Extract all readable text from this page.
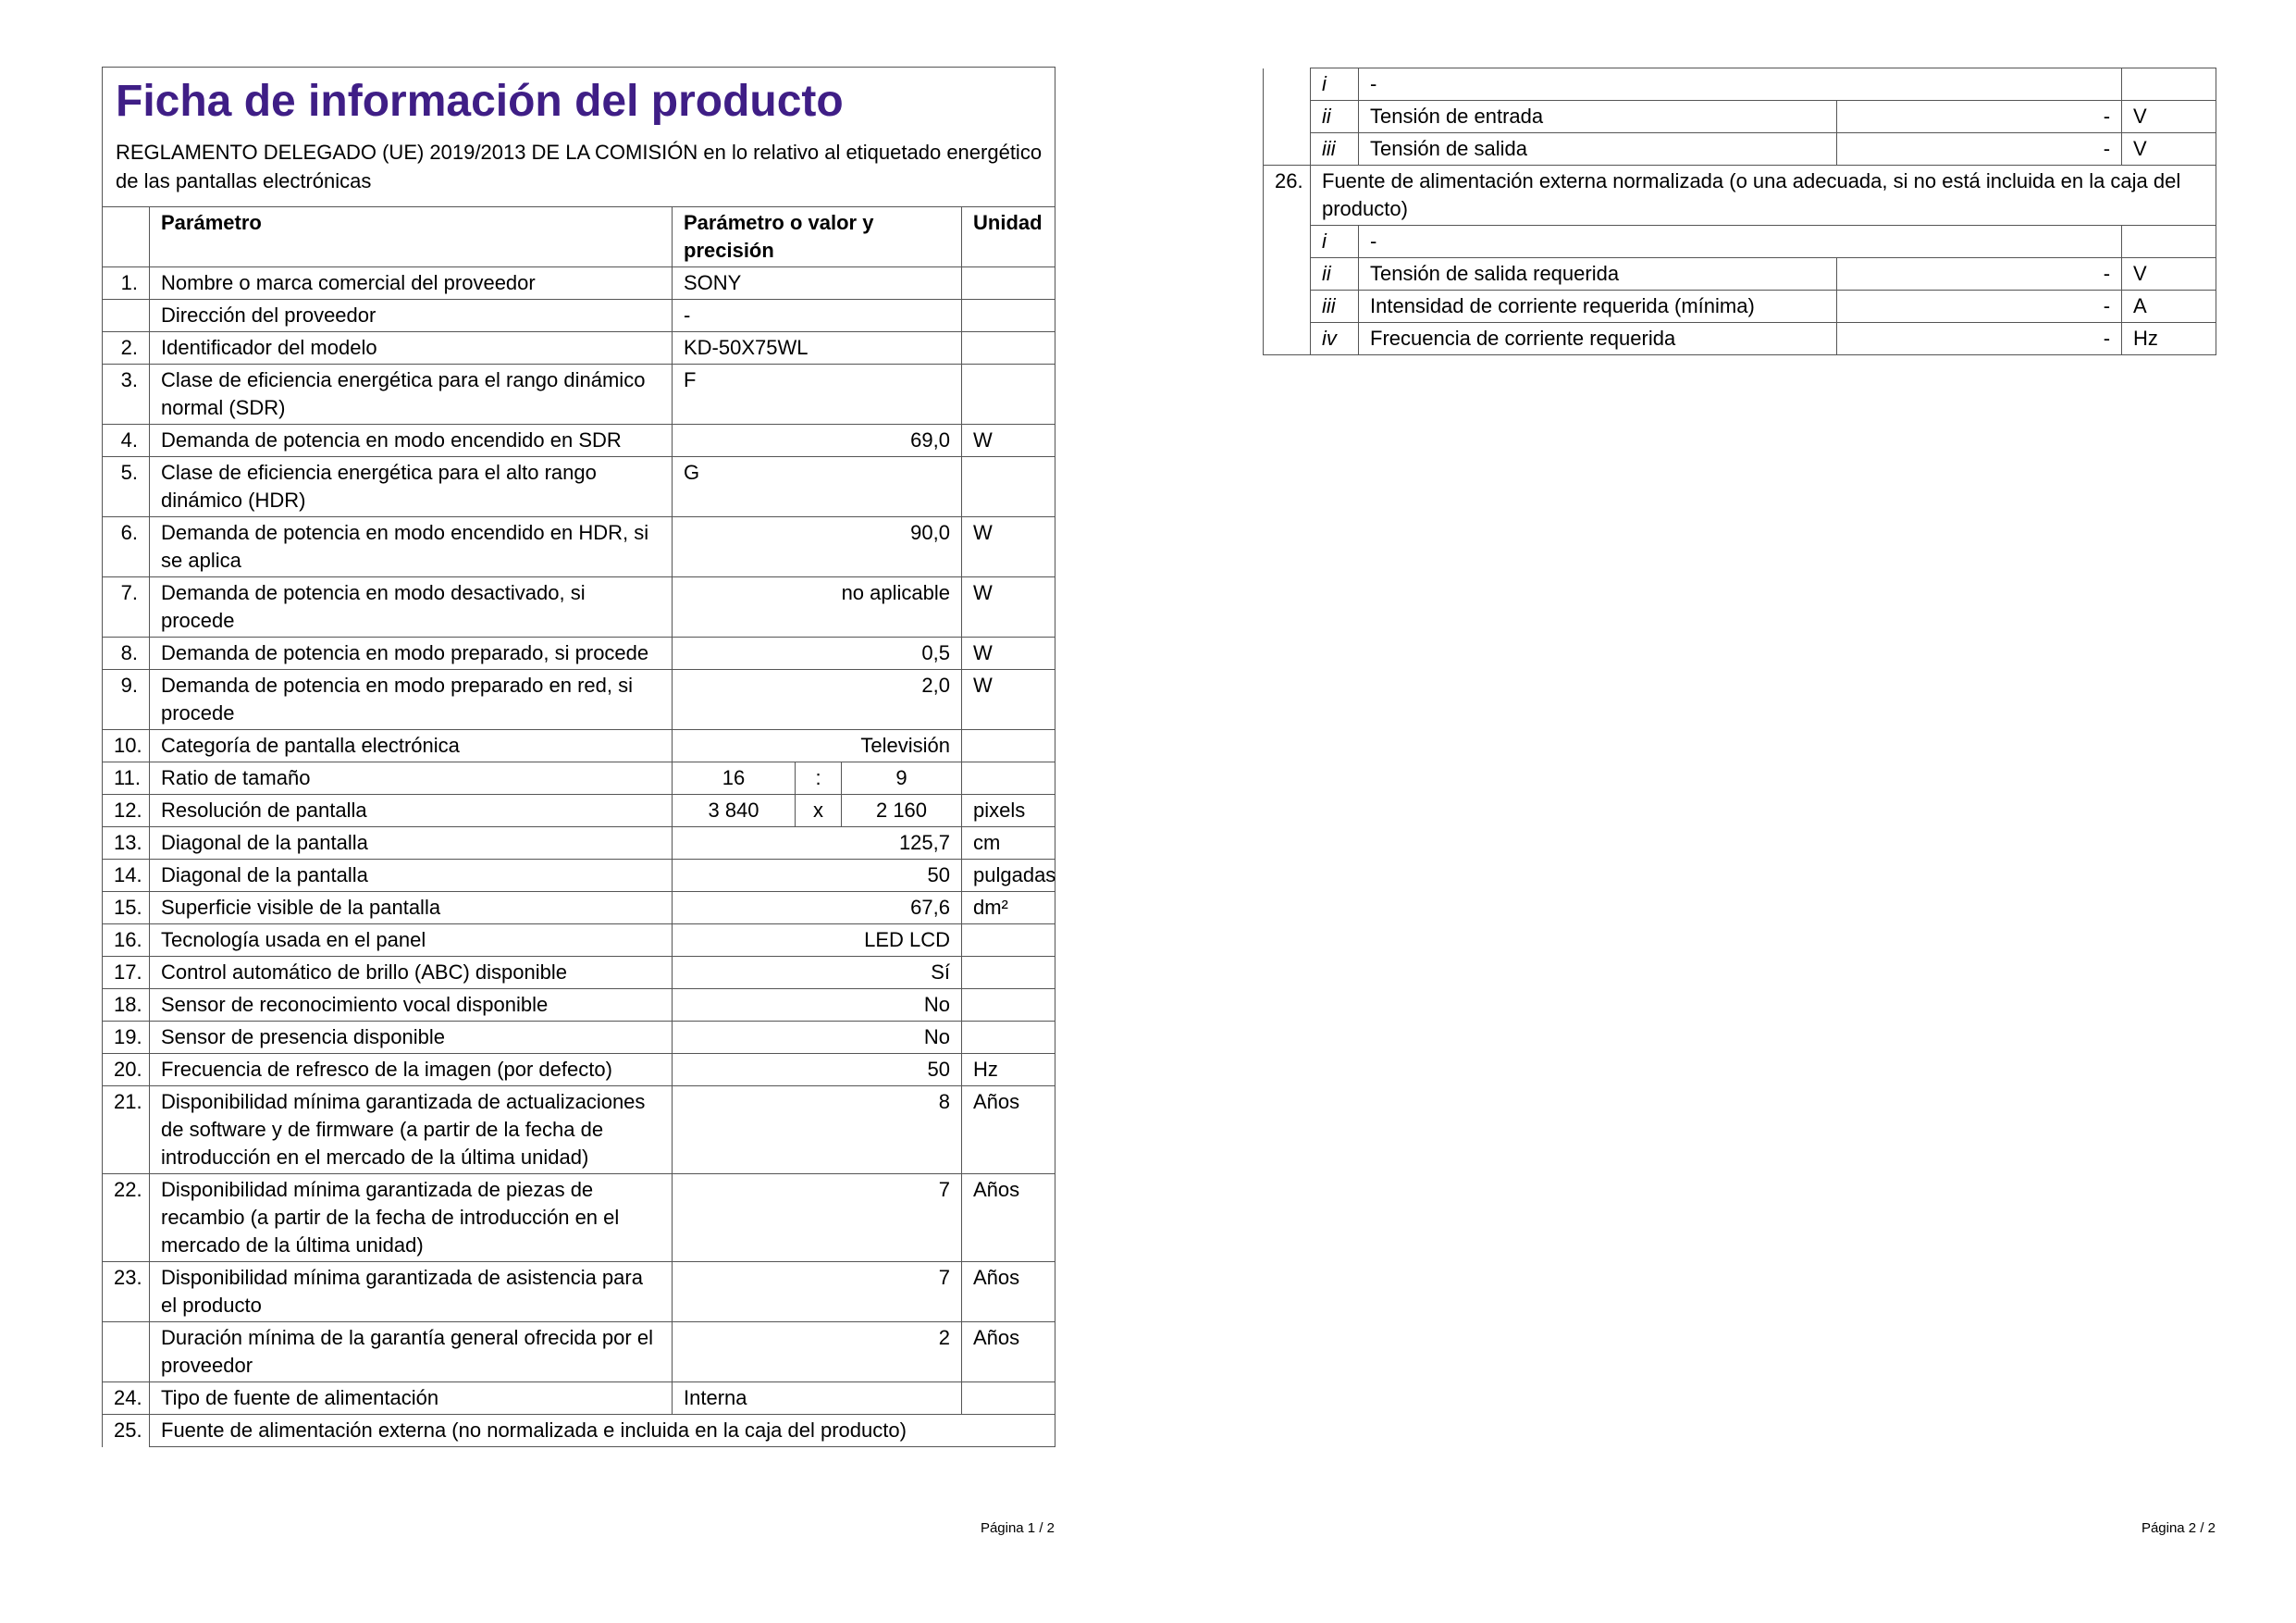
Ficha de información del producto
REGLAMENTO DELEGADO (UE) 2019/2013 DE LA COMISIÓN en lo relativo al etiquetado energético de las pantallas electrónicas					

	Parámetro	Parámetro o valor y precisión			Unidad
1.	Nombre o marca comercial del proveedor	SONY			
	Dirección del proveedor	-			
2.	Identificador del modelo	KD-50X75WL			
3.	Clase de eficiencia energética para el rango dinámico normal (SDR)	F			
4.	Demanda de potencia en modo encendido en SDR	69,0			W
5.	Clase de eficiencia energética para el alto rango dinámico (HDR)	G			
6.	Demanda de potencia en modo encendido en HDR, si se aplica	90,0			W
7.	Demanda de potencia en modo desactivado, si procede	no aplicable			W
8.	Demanda de potencia en modo preparado, si procede	0,5			W
9.	Demanda de potencia en modo preparado en red, si procede	2,0			W
10.	Categoría de pantalla electrónica	Televisión			
11.	Ratio de tamaño	16	:	9	
12.	Resolución de pantalla	3 840	x	2 160	pixels
13.	Diagonal de la pantalla	125,7			cm
14.	Diagonal de la pantalla	50			pulgadas
15.	Superficie visible de la pantalla	67,6			dm²
16.	Tecnología usada en el panel	LED LCD			
17.	Control automático de brillo (ABC) disponible	Sí			
18.	Sensor de reconocimiento vocal disponible	No			
19.	Sensor de presencia disponible	No			
20.	Frecuencia de refresco de la imagen (por defecto)	50			Hz
21.	Disponibilidad mínima garantizada de actualizaciones de software y de firmware (a partir de la fecha de introducción en el mercado de la última unidad)	8			Años
22.	Disponibilidad mínima garantizada de piezas de recambio (a partir de la fecha de introducción en el mercado de la última unidad)	7			Años
23.	Disponibilidad mínima garantizada de asistencia para el producto	7			Años
	Duración mínima de la garantía general ofrecida por el proveedor	2			Años
24.	Tipo de fuente de alimentación	Interna			
25.	Fuente de alimentación externa (no normalizada e incluida en la caja del producto)				
Página 1 / 2
	i	-		
	ii	Tensión de entrada	-	V
	iii	Tensión de salida	-	V
26.	Fuente de alimentación externa normalizada (o una adecuada, si no está incluida en la caja del producto)			
	i	-		
	ii	Tensión de salida requerida	-	V
	iii	Intensidad de corriente requerida (mínima)	-	A
	iv	Frecuencia de corriente requerida	-	Hz
Página 2 / 2
